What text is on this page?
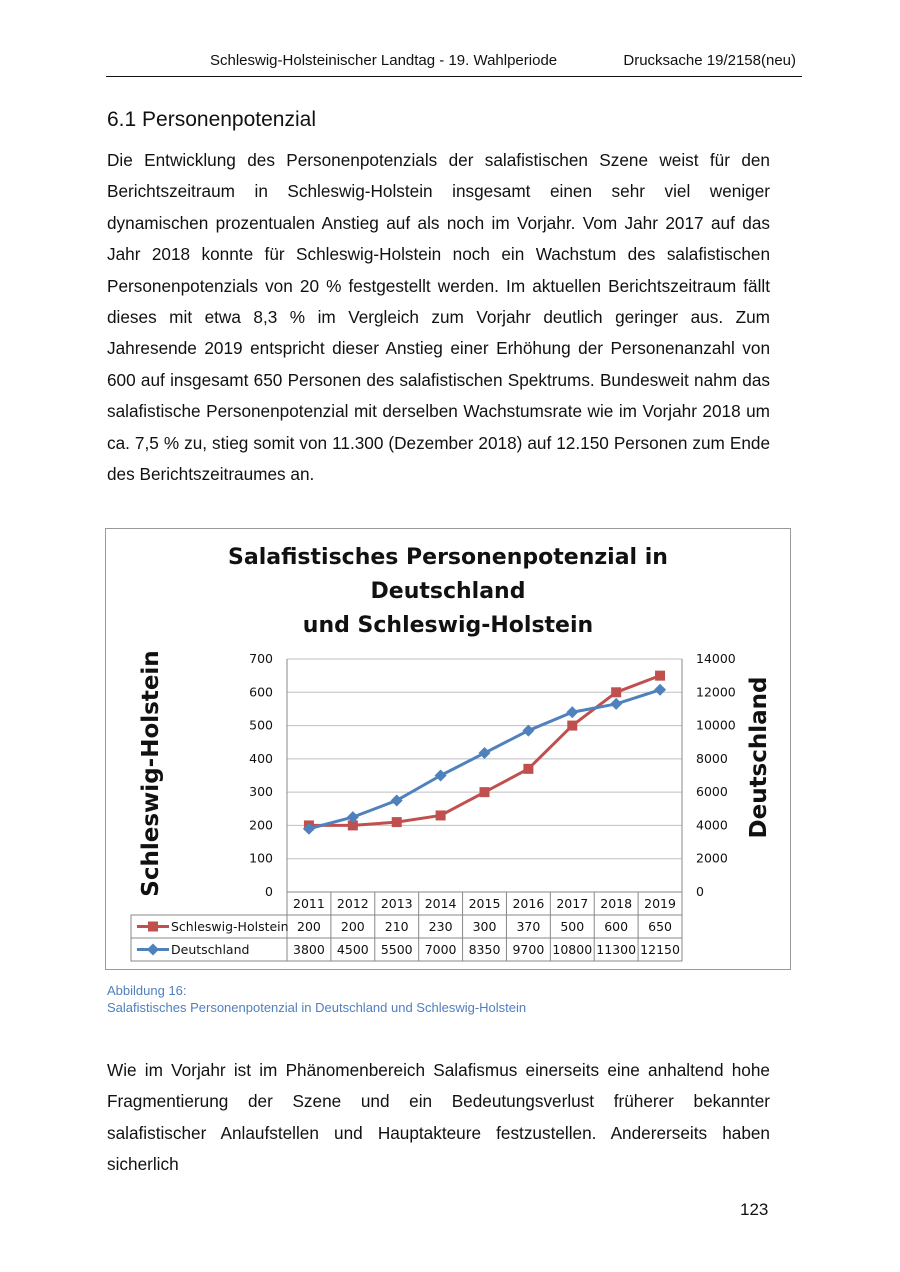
Schleswig-Holsteinischer Landtag - 19. Wahlperiode	Drucksache 19/2158(neu)
6.1 Personenpotenzial

Die Entwicklung des Personenpotenzials der salafistischen Szene weist für den Berichtszeitraum in Schleswig-Holstein insgesamt einen sehr viel weniger dynamischen prozentualen Anstieg auf als noch im Vorjahr. Vom Jahr 2017 auf das Jahr 2018 konnte für Schleswig-Holstein noch ein Wachstum des salafistischen Personenpotenzials von 20 % festgestellt werden. Im aktuellen Berichtszeitraum fällt dieses mit etwa 8,3 % im Vergleich zum Vorjahr deutlich geringer aus. Zum Jahresende 2019 entspricht dieser Anstieg einer Erhöhung der Personenanzahl von 600 auf insgesamt 650 Personen des salafistischen Spektrums. Bundesweit nahm das salafistische Personenpotenzial mit derselben Wachstumsrate wie im Vorjahr 2018 um ca. 7,5 % zu, stieg somit von 11.300 (Dezember 2018) auf 12.150 Personen zum Ende des Berichtszeitraumes an.

Salafistisches Personenpotenzial in
Deutschland
und Schleswig-Holstein
0
100
200
300
400
500
600
700
0
2000
4000
6000
8000
10000
12000
14000
2011 2012 2013 2014 2015 2016 2017 2018 2019
Schleswig-Holstein 200 200 210 230 300 370 500 600 650
Deutschland	3800 4500 5500 7000 8350 9700 10800 11300 12150
Schleswig-Holstein	Deutschland
Abbildung 16:
Salafistisches Personenpotenzial in Deutschland und Schleswig-Holstein

Wie im Vorjahr ist im Phänomenbereich Salafismus einerseits eine anhaltend hohe Fragmentierung der Szene und ein Bedeutungsverlust früherer bekannter salafistischer Anlaufstellen und Hauptakteure festzustellen. Andererseits haben sicherlich

123
